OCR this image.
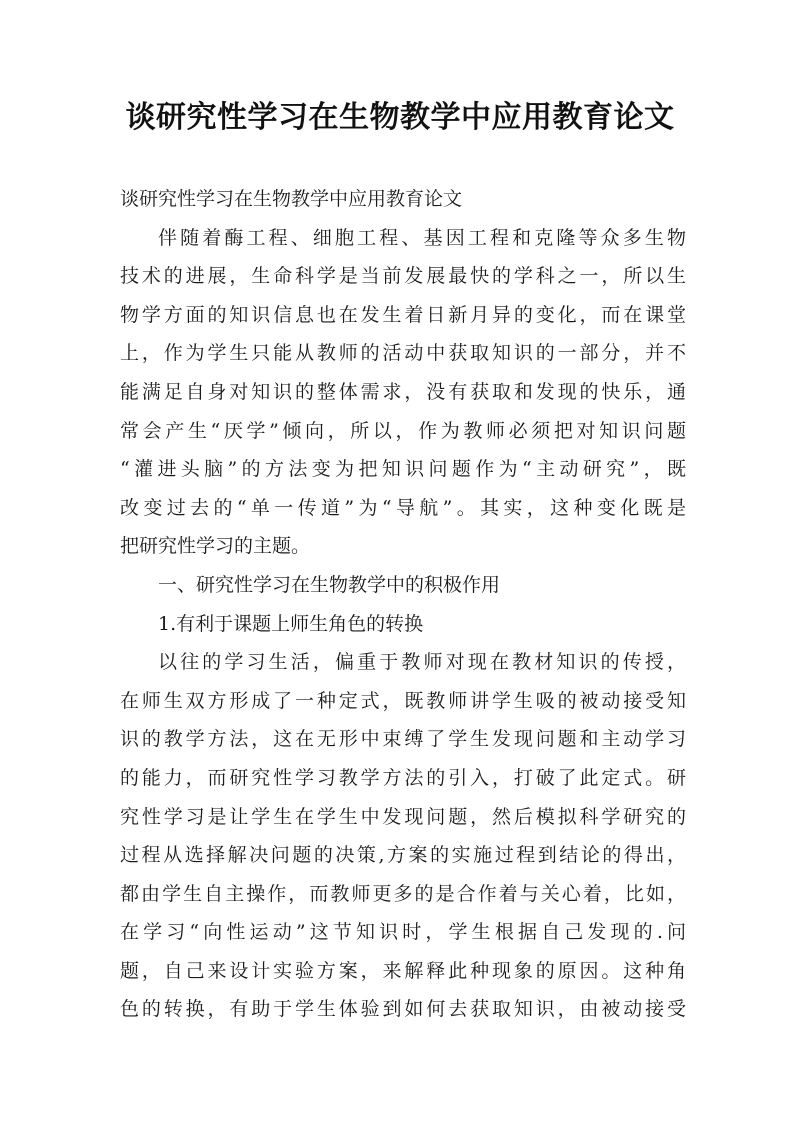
谈研究性学习在生物教学中应用教育论文
谈研究性学习在生物教学中应用教育论文
伴随着酶工程、细胞工程、基因工程和克隆等众多生物
技术的进展，生命科学是当前发展最快的学科之一，所以生
物学方面的知识信息也在发生着日新月异的变化，而在课堂
上，作为学生只能从教师的活动中获取知识的一部分，并不
能满足自身对知识的整体需求，没有获取和发现的快乐，通
常会产生“厌学”倾向，所以，作为教师必须把对知识问题
“灌进头脑”的方法变为把知识问题作为“主动研究”，既
改变过去的“单一传道”为“导航”。其实，这种变化既是
把研究性学习的主题。
一、研究性学习在生物教学中的积极作用
1.有利于课题上师生角色的转换
以往的学习生活，偏重于教师对现在教材知识的传授，
在师生双方形成了一种定式，既教师讲学生吸的被动接受知
识的教学方法，这在无形中束缚了学生发现问题和主动学习
的能力，而研究性学习教学方法的引入，打破了此定式。研
究性学习是让学生在学生中发现问题，然后模拟科学研究的
过程从选择解决问题的决策,方案的实施过程到结论的得出，
都由学生自主操作，而教师更多的是合作着与关心着，比如，
在学习“向性运动”这节知识时，学生根据自己发现的.问
题，自己来设计实验方案，来解释此种现象的原因。这种角
色的转换，有助于学生体验到如何去获取知识，由被动接受
